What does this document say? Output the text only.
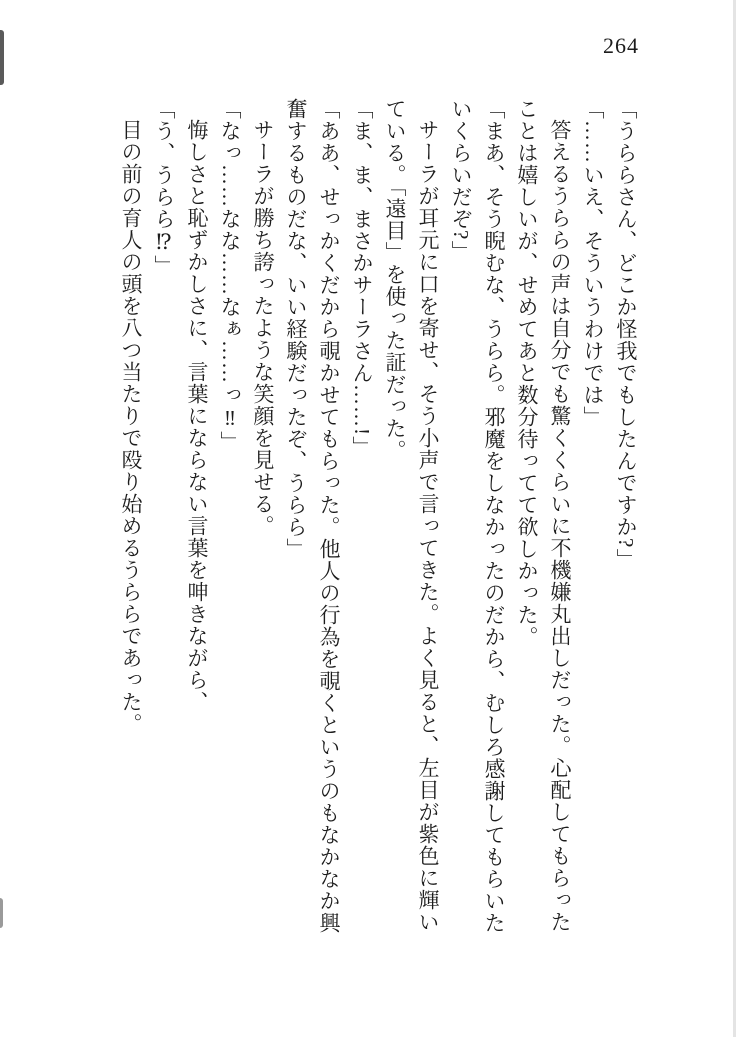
264

「うららさん、どこか怪我でもしたんですか?」

「……いえ、そういうわけでは」

答えるうららの声は自分でも驚くくらいに不機嫌丸出しだった。心配してもらったことは嬉しいが、せめてあと数分待ってて欲しかった。

「まあ、そう睨むな、うらら。邪魔をしなかったのだから、むしろ感謝してもらいたいくらいだぞ?」

サーラが耳元に口を寄せ、そう小声で言ってきた。よく見ると、左目が紫色に輝いている。「遠目」を使った証だった。

「ま、ま、まさかサーラさん……!」

「ああ、せっかくだから覗かせてもらった。他人の行為を覗くというのもなかなか興奮するものだな、いい経験だったぞ、うらら」

サーラが勝ち誇ったような笑顔を見せる。

「なっ……なな……なぁ……っ‼」

悔しさと恥ずかしさに、言葉にならない言葉を呻きながら、

「う、うらら⁉」

目の前の育人の頭を八つ当たりで殴り始めるうららであった。
